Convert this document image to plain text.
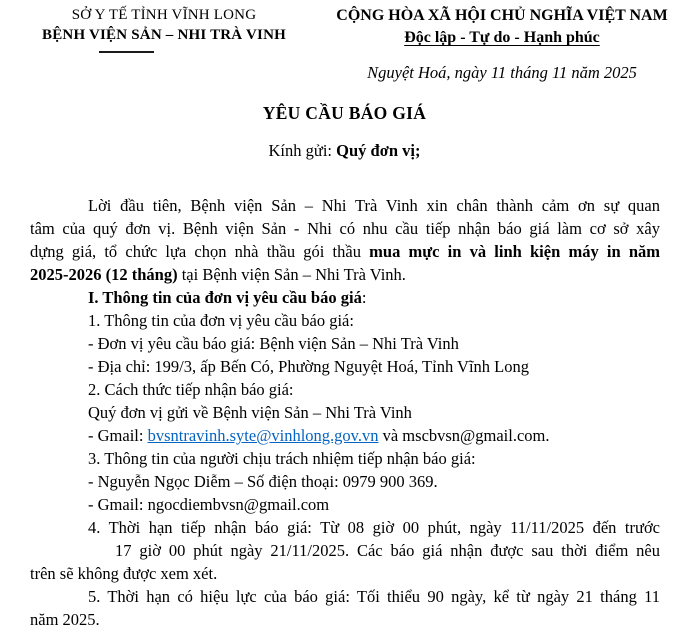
SỞ Y TẾ TỈNH VĨNH LONG
BỆNH VIỆN SẢN – NHI TRÀ VINH
CỘNG HÒA XÃ HỘI CHỦ NGHĨA VIỆT NAM
Độc lập - Tự do - Hạnh phúc
Nguyệt Hoá, ngày 11 tháng 11 năm 2025
YÊU CẦU BÁO GIÁ
Kính gửi: Quý đơn vị;
Lời đầu tiên, Bệnh viện Sản – Nhi Trà Vinh xin chân thành cảm ơn sự quan
tâm của quý đơn vị. Bệnh viện Sản - Nhi có nhu cầu tiếp nhận báo giá làm cơ sở xây
dựng giá, tổ chức lựa chọn nhà thầu gói thầu mua mực in và linh kiện máy in năm
2025-2026 (12 tháng) tại Bệnh viện Sản – Nhi Trà Vinh.
I. Thông tin của đơn vị yêu cầu báo giá:
1. Thông tin của đơn vị yêu cầu báo giá:
- Đơn vị yêu cầu báo giá: Bệnh viện Sản – Nhi Trà Vinh
- Địa chỉ: 199/3, ấp Bến Có, Phường Nguyệt Hoá, Tỉnh Vĩnh Long
2. Cách thức tiếp nhận báo giá:
Quý đơn vị gửi về Bệnh viện Sản – Nhi Trà Vinh
- Gmail: bvsntravinh.syte@vinhlong.gov.vn và mscbvsn@gmail.com.
3. Thông tin của người chịu trách nhiệm tiếp nhận báo giá:
- Nguyễn Ngọc Diễm – Số điện thoại: 0979 900 369.
- Gmail: ngocdiembvsn@gmail.com
4. Thời hạn tiếp nhận báo giá: Từ 08 giờ 00 phút, ngày 11/11/2025 đến trước
17 giờ 00 phút ngày 21/11/2025. Các báo giá nhận được sau thời điểm nêu
trên sẽ không được xem xét.
5. Thời hạn có hiệu lực của báo giá: Tối thiểu 90 ngày, kể từ ngày 21 tháng 11
năm 2025.
